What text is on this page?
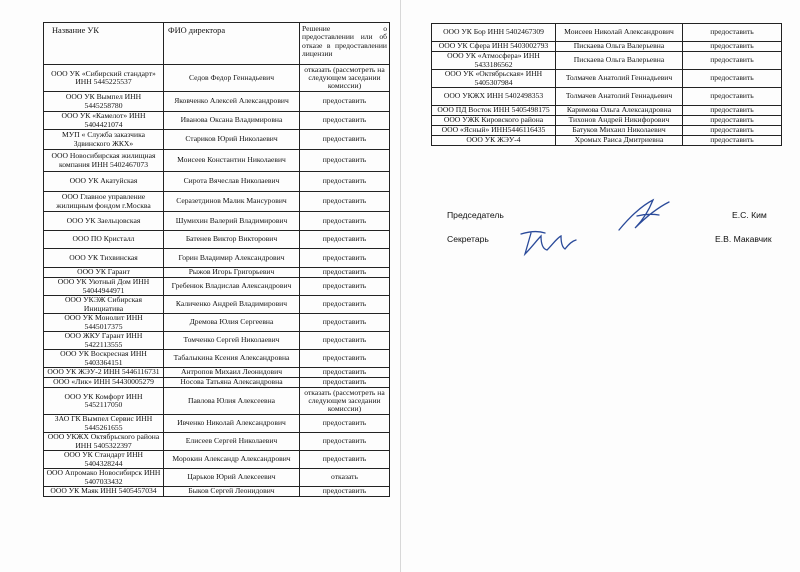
Название УК	ФИО директора	Решение о предоставлении или об отказе в предоставлении лицензии
ООО УК «Сибирский стандарт» ИНН 5445225537	Седов Федор Геннадьевич	отказать (рассмотреть на следующем заседании комиссии)
ООО УК Вымпел ИНН 5445258780	Яковченко Алексей Александрович	предоставить
ООО УК «Камелот» ИНН 5404421074	Иванова Оксана Владимировна	предоставить
МУП « Служба заказчика Здвинского ЖКХ»	Стариков Юрий Николаевич	предоставить
ООО Новосибирская жилищная компания ИНН 5402467073	Моисеев Константин Николаевич	предоставить
ООО УК Акатуйская	Сирота Вячеслав Николаевич	предоставить
ООО Главное управление жилищным фондом г.Москва	Серазетдинов Малик Мансурович	предоставить
ООО УК Заельцовская	Шумихин Валерий Владимирович	предоставить
ООО ПО Кристалл	Батенев Виктор Викторович	предоставить
ООО УК Тихвинская	Горин Владимир Александрович	предоставить
ООО УК Гарант	Рыжов Игорь Григорьевич	предоставить
ООО УК Уютный Дом ИНН 54044944971	Гребенюк Владислав Александрович	предоставить
ООО УКЭЖ Сибирская Инициатива	Каличенко Андрей Владимирович	предоставить
ООО УК Монолит ИНН 5445017375	Дремова Юлия Сергеевна	предоставить
ООО ЖКУ Гарант ИНН 5422113555	Томченко Сергей Николаевич	предоставить
ООО УК Воскресная ИНН 5403364151	Табалыкина Ксения Александровна	предоставить
ООО УК ЖЭУ-2 ИНН 5446116731	Антропов Михаил Леонидович	предоставить
ООО «Лик» ИНН 54430005279	Носова Татьяна Александровна	предоставить
ООО УК Комфорт ИНН 5452117050	Павлова Юлия Алексеевна	отказать (рассмотреть на следующем заседании комиссии)
ЗАО ГК Вымпел Сервис ИНН 5445261655	Ивченко Николай Александрович	предоставить
ООО УКЖХ Октябрьского района ИНН 5405322397	Елисеев Сергей Николаевич	предоставить
ООО УК Стандарт ИНН 5404328244	Морокин Александр Александрович	предоставить
ООО Апромако Новосибирск ИНН 5407033432	Царьков Юрий Алексеевич	отказать
ООО УК Маяк ИНН 5405457034	Быков Сергей Леонидович	предоставить
ООО УК Бор ИНН 5402467309	Моисеев Николай Александрович	предоставить
ООО УК Сфера ИНН 5403002793	Пискаева Ольга Валерьевна	предоставить
ООО УК «Атмосфера» ИНН 5433186562	Пискаева Ольга Валерьевна	предоставить
ООО УК «Октябрьская» ИНН 5405307984	Толмачев Анатолий Геннадьевич	предоставить
ООО УКЖХ ИНН 5402498353	Толмачев Анатолий Геннадьевич	предоставить
ООО ПД Восток ИНН 5405498175	Каримова Ольга Александровна	предоставить
ООО УЖК Кировского района	Тихонов Андрей Никифорович	предоставить
ООО «Ясный» ИНН5446116435	Батуков Михаил Николаевич	предоставить
ООО УК ЖЭУ-4	Хромых Раиса Дмитриевна	предоставить
Председатель	Е.С. Ким
Секретарь	Е.В. Макавчик
